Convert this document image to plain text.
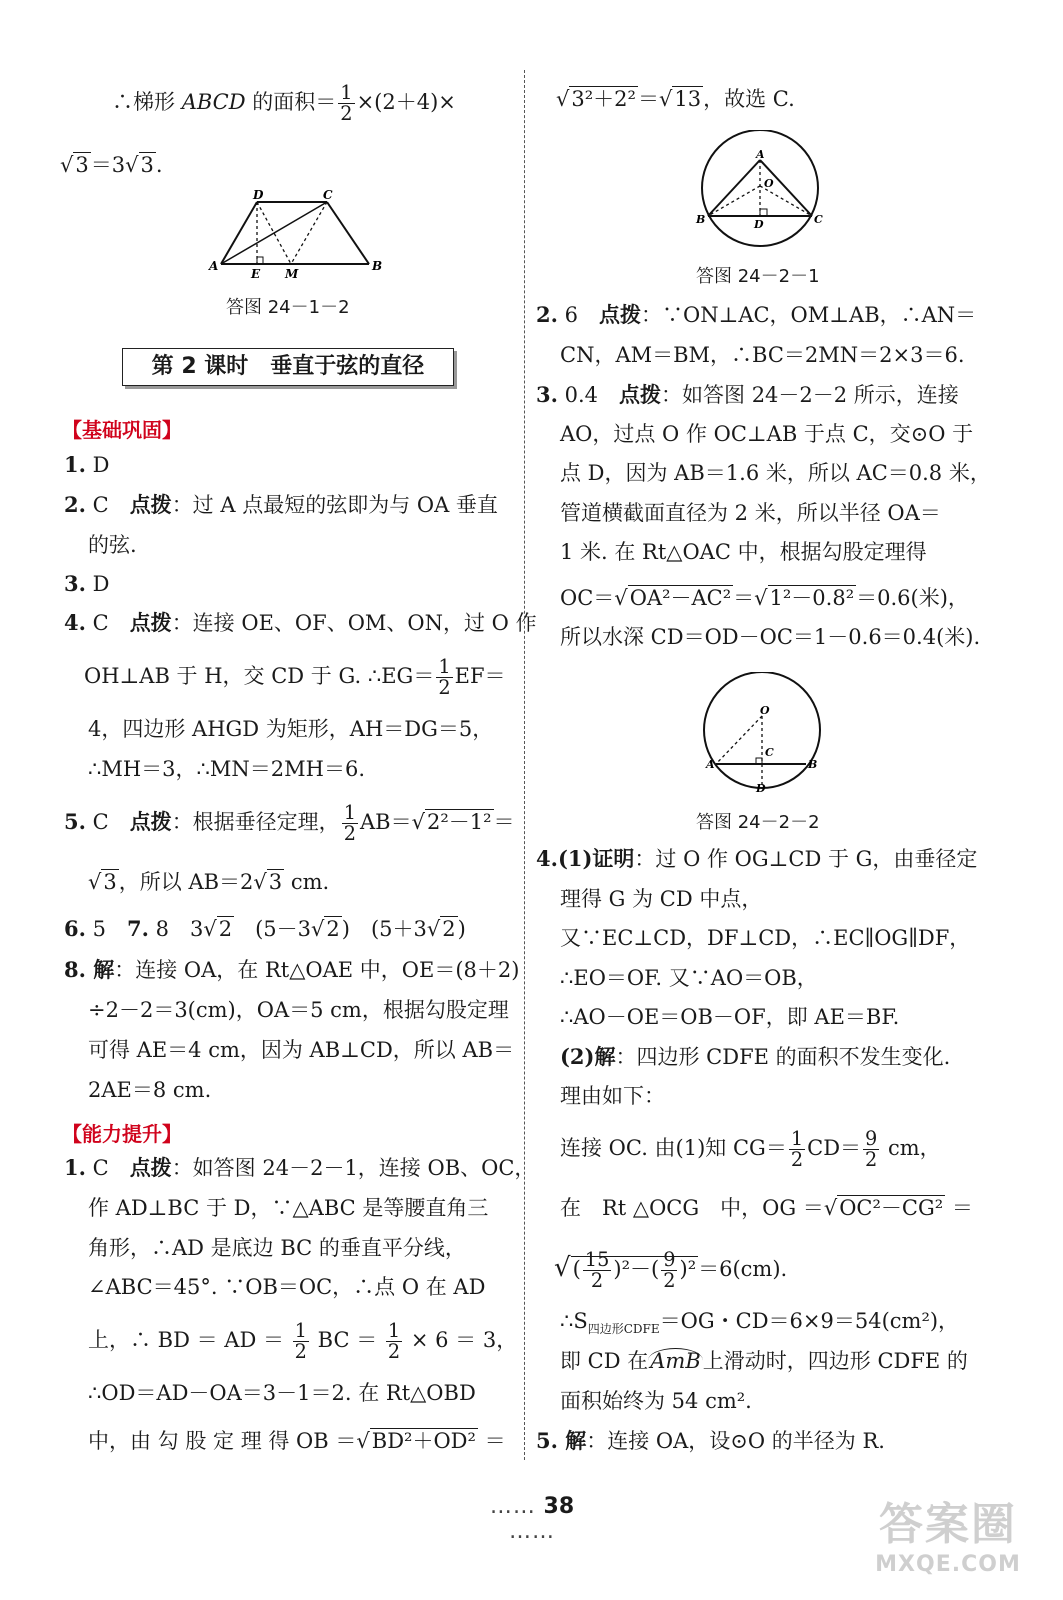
∴梯形 ABCD 的面积＝ $\frac{1}{2} \times(2+4)\times$
√3＝3√3.
A	B
C
D
E M
答图 24－1－2
第 2 课时　垂直于弦的直径
【基础巩固】
1. D
2. C 点拨：过 A 点最短的弦即为与 OA 垂直
的弦.
3. D
4. C 点拨：连接 OE、OF、OM、ON，过 O 作
OH⊥AB 于 H，交 CD 于 G. ∴EG＝ $\frac{1}{2} EF=$
4，四边形 AHGD 为矩形，AH＝DG＝5，
∴MH＝3，∴MN＝2MH＝6.
5. C 点拨：根据垂径定理， $\frac{1}{2} AB=√2^2-1^2=$
√3，所以 AB＝2√3 cm.
6. 5　7. 8　3√2　(5－3√2)　(5＋3√2)
8. 解：连接 OA，在 Rt△OAE 中，OE＝(8＋2)
÷2－2＝3(cm)，OA＝5 cm，根据勾股定理
可得 AE＝4 cm，因为 AB⊥CD，所以 AB＝
2AE＝8 cm.
【能力提升】
1. C 点拨：如答图 24－2－1，连接 OB、OC，
作 AD⊥BC 于 D，∵△ABC 是等腰直角三
角形，∴AD 是底边 BC 的垂直平分线，
∠ABC＝45°. ∵OB＝OC，∴点 O 在 AD
上，∴ BD ＝ AD ＝ $\frac{1}{2}$ BC ＝ $\frac{1}{2} \times 6 = 3$，
∴OD＝AD－OA＝3－1＝2. 在 Rt△OBD
中，由 勾 股 定 理 得 OB ＝√BD²＋OD² ＝
√3²＋2²＝√13，故选 C.
A
O
B	D	C
答图 24－2－1
2. 6 点拨：∵ON⊥AC，OM⊥AB，∴AN＝
CN，AM＝BM，∴BC＝2MN＝2×3＝6.
3. 0.4 点拨：如答图 24－2－2 所示，连接
AO，过点 O 作 OC⊥AB 于点 C，交⊙O 于
点 D，因为 AB＝1.6 米，所以 AC＝0.8 米，
管道横截面直径为 2 米，所以半径 OA＝
1 米. 在 Rt△OAC 中，根据勾股定理得
OC＝√OA²－AC²＝√1²－0.8²＝0.6(米)，
所以水深 CD＝OD－OC＝1－0.6＝0.4(米).
O
C
A	B
D
答图 24－2－2
4.(1)证明：过 O 作 OG⊥CD 于 G，由垂径定
理得 G 为 CD 中点，
又∵EC⊥CD，DF⊥CD，∴EC∥OG∥DF，
∴EO＝OF. 又∵AO＝OB，
∴AO－OE＝OB－OF，即 AE＝BF.
(2)解：四边形 CDFE 的面积不发生变化.
理由如下：
连接 OC. 由(1)知 $CG= \frac{1}{2} CD= \frac{9}{2}$ cm，
在　Rt △OCG　中，OG ＝√OC²－CG² ＝
√( $\frac{15}{2} )^2-( \frac{9}{2} )^2=6(cm)$.
$\therefore S_{四边形CDFE}=OG$・CD＝6×9＝54(cm²)，
即 CD 在AmB上滑动时，四边形 CDFE 的
面积始终为 54 cm².
5. 解：连接 OA，设⊙O 的半径为 R.
…… 38 ……	答案圈
MXQE.COM
